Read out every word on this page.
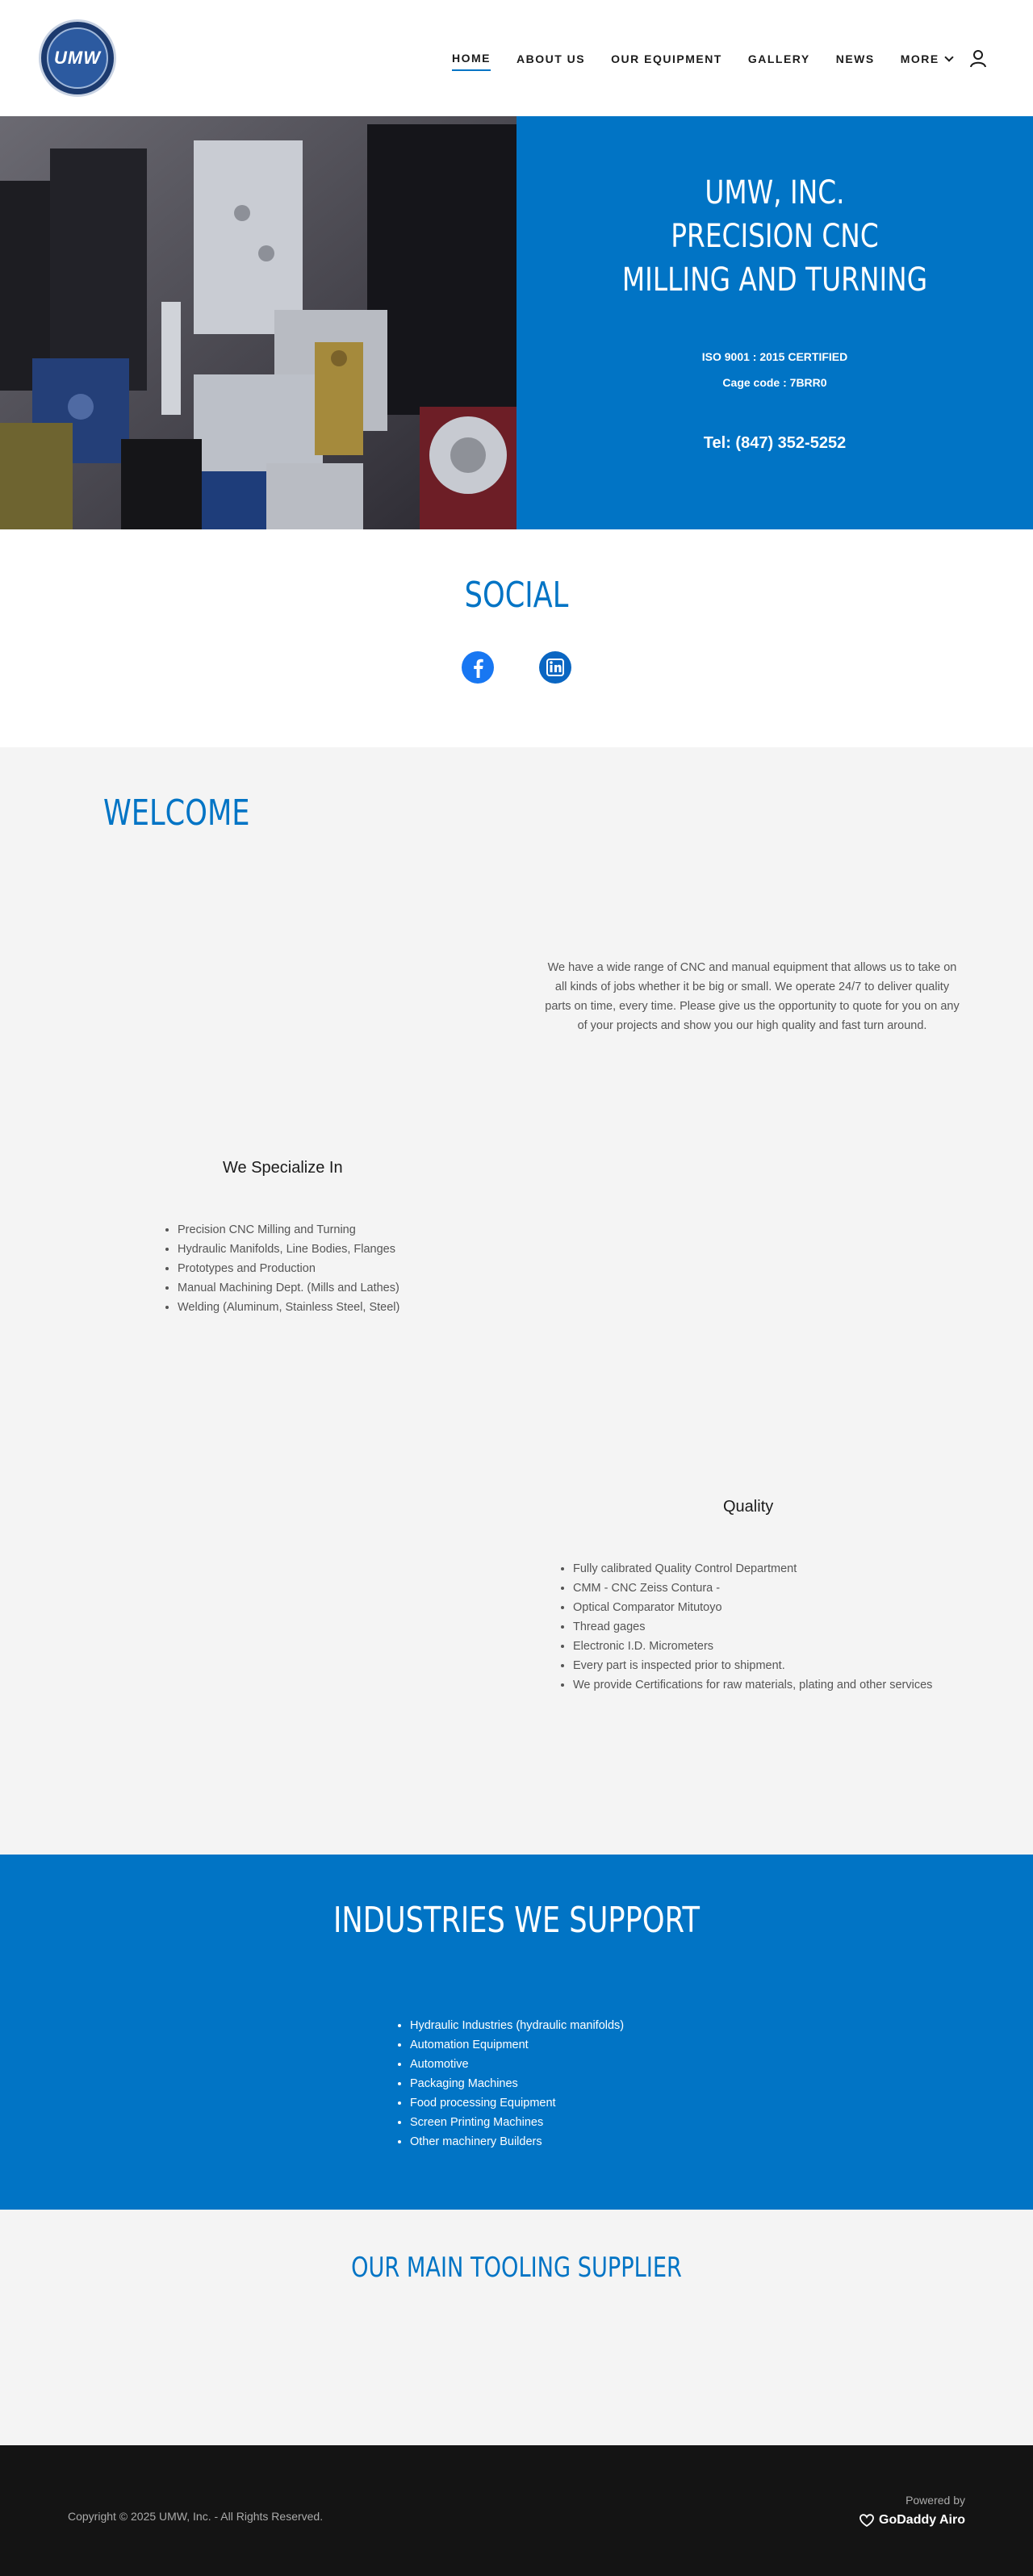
UMW	HOME ABOUT US OUR EQUIPMENT GALLERY NEWS MORE
UMW, INC.
PRECISION CNC
MILLING AND TURNING
ISO 9001 : 2015 CERTIFIED
Cage code : 7BRR0
Tel: (847) 352-5252
SOCIAL
WELCOME

We have a wide range of CNC and manual equipment that allows us to take on all kinds of jobs whether it be big or small. We operate 24/7 to deliver quality parts on time, every time. Please give us the opportunity to quote for you on any of your projects and show you our high quality and fast turn around.

We Specialize In
• Precision CNC Milling and Turning
• Hydraulic Manifolds, Line Bodies, Flanges
• Prototypes and Production
• Manual Machining Dept. (Mills and Lathes)
• Welding (Aluminum, Stainless Steel, Steel)
Quality
• Fully calibrated Quality Control Department
• CMM - CNC Zeiss Contura -
• Optical Comparator Mitutoyo
• Thread gages
• Electronic I.D. Micrometers
• Every part is inspected prior to shipment.
• We provide Certifications for raw materials, plating and other services
INDUSTRIES WE SUPPORT
• Hydraulic Industries (hydraulic manifolds)
• Automation Equipment
• Automotive
• Packaging Machines
• Food processing Equipment
• Screen Printing Machines
• Other machinery Builders
OUR MAIN TOOLING SUPPLIER
Copyright © 2025 UMW, Inc. - All Rights Reserved.
Powered by
GoDaddy Airo
